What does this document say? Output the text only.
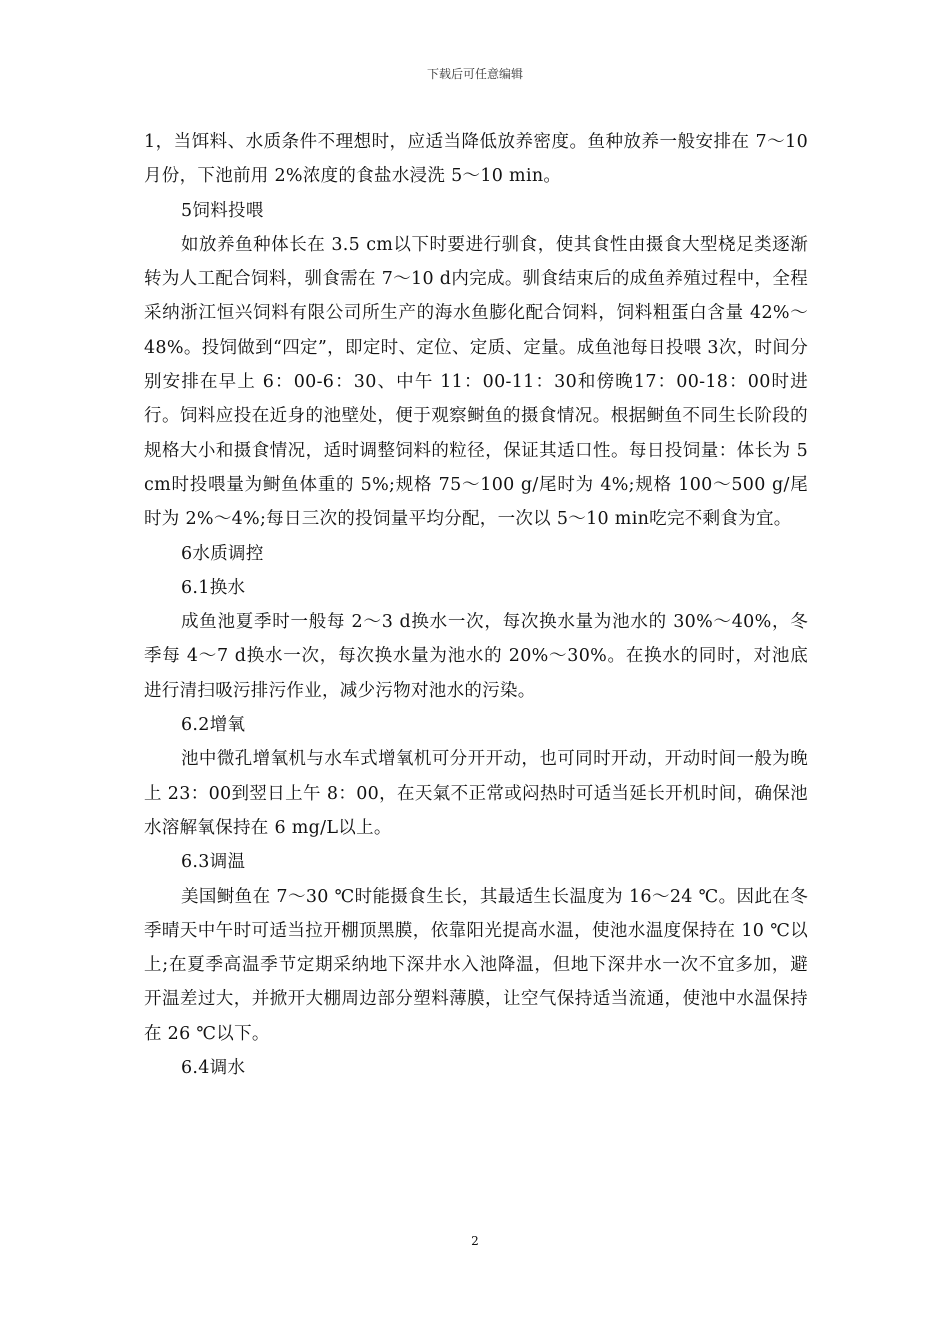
下载后可任意编辑

1，当饵料、水质条件不理想时，应适当降低放养密度。鱼种放养一般安排在 7～10月份，下池前用 2%浓度的食盐水浸洗 5～10 min。

5饲料投喂

如放养鱼种体长在 3.5 cm以下时要进行驯食，使其食性由摄食大型桡足类逐渐转为人工配合饲料，驯食需在 7～10 d内完成。驯食结束后的成鱼养殖过程中，全程采纳浙江恒兴饲料有限公司所生产的海水鱼膨化配合饲料，饲料粗蛋白含量 42%～48%。投饲做到“四定”，即定时、定位、定质、定量。成鱼池每日投喂 3次，时间分别安排在早上 6：00-6：30、中午 11：00-11：30和傍晚17：00-18：00时进行。饲料应投在近身的池壁处，便于观察鲥鱼的摄食情况。根据鲥鱼不同生长阶段的规格大小和摄食情况，适时调整饲料的粒径，保证其适口性。每日投饲量：体长为 5 cm时投喂量为鲥鱼体重的 5%;规格 75～100 g/尾时为 4%;规格 100～500 g/尾时为 2%～4%;每日三次的投饲量平均分配，一次以 5～10 min吃完不剩食为宜。

6水质调控

6.1换水

成鱼池夏季时一般每 2～3 d换水一次，每次换水量为池水的 30%～40%，冬季每 4～7 d换水一次，每次换水量为池水的 20%～30%。在换水的同时，对池底进行清扫吸污排污作业，减少污物对池水的污染。

6.2增氧

池中微孔增氧机与水车式增氧机可分开开动，也可同时开动，开动时间一般为晚上 23：00到翌日上午 8：00，在天氣不正常或闷热时可适当延长开机时间，确保池水溶解氧保持在 6 mg/L以上。

6.3调温

美国鲥鱼在 7～30 ℃时能摄食生长，其最适生长温度为 16～24 ℃。因此在冬季晴天中午时可适当拉开棚顶黑膜，依靠阳光提高水温，使池水温度保持在 10 ℃以上;在夏季高温季节定期采纳地下深井水入池降温，但地下深井水一次不宜多加，避开温差过大，并掀开大棚周边部分塑料薄膜，让空气保持适当流通，使池中水温保持在 26 ℃以下。

6.4调水

2
